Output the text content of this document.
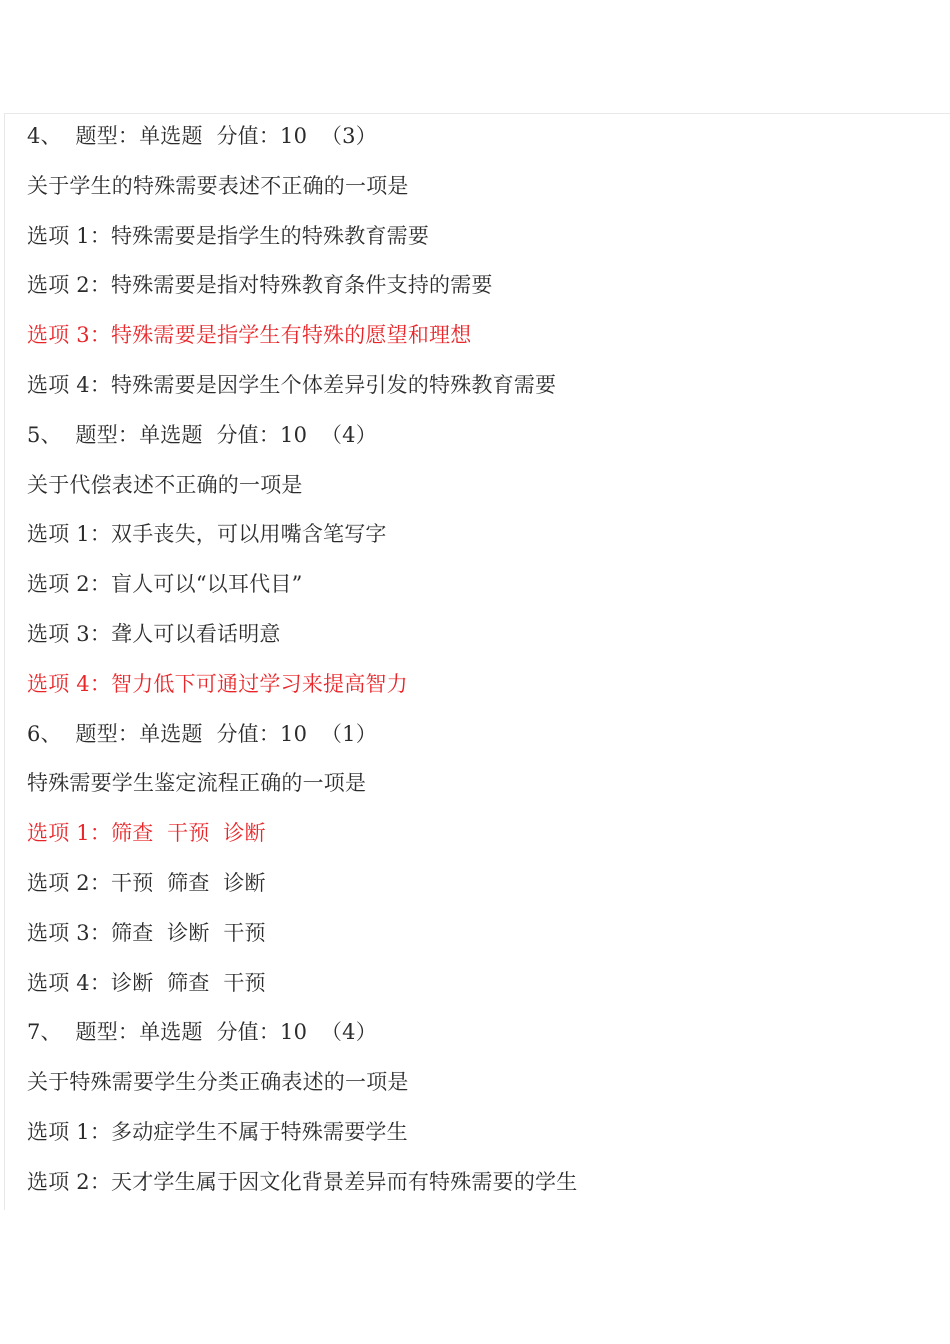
4、  题型：单选题  分值：10  （3）
关于学生的特殊需要表述不正确的一项是
选项 1：特殊需要是指学生的特殊教育需要
选项 2：特殊需要是指对特殊教育条件支持的需要
选项 3：特殊需要是指学生有特殊的愿望和理想
选项 4：特殊需要是因学生个体差异引发的特殊教育需要
5、  题型：单选题  分值：10  （4）
关于代偿表述不正确的一项是
选项 1：双手丧失，可以用嘴含笔写字
选项 2：盲人可以“以耳代目”
选项 3：聋人可以看话明意
选项 4：智力低下可通过学习来提高智力
6、  题型：单选题  分值：10  （1）
特殊需要学生鉴定流程正确的一项是
选项 1：筛查  干预  诊断
选项 2：干预  筛查  诊断
选项 3：筛查  诊断  干预
选项 4：诊断  筛查  干预
7、  题型：单选题  分值：10  （4）
关于特殊需要学生分类正确表述的一项是
选项 1：多动症学生不属于特殊需要学生
选项 2：天才学生属于因文化背景差异而有特殊需要的学生
